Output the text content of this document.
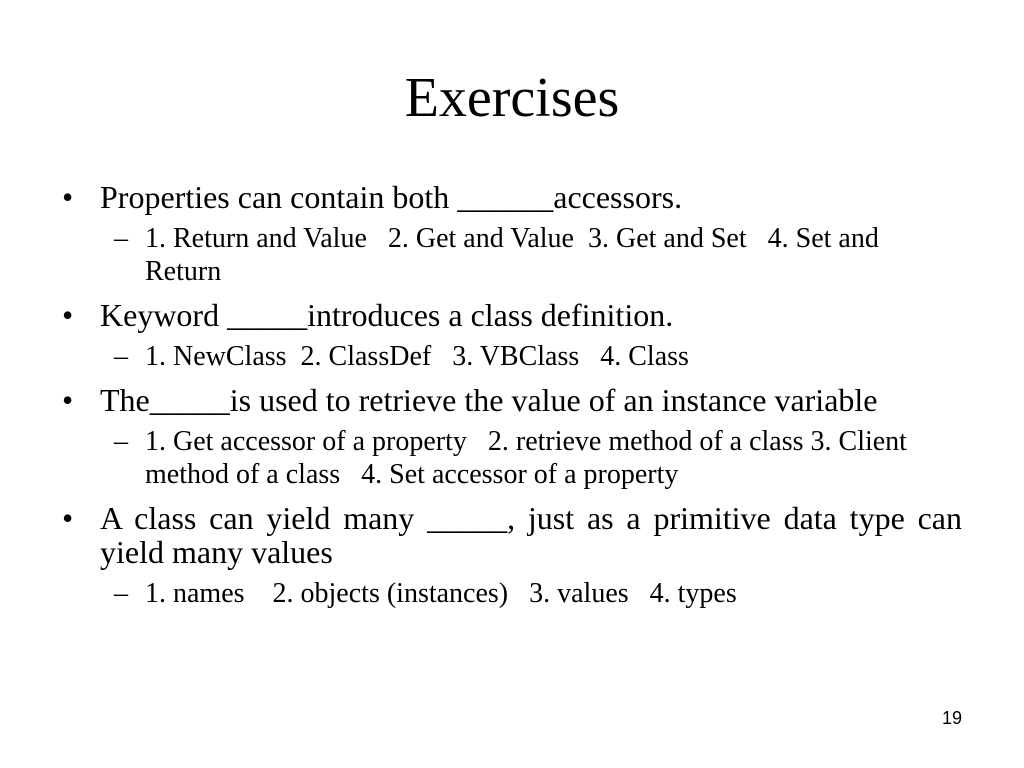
Exercises
• Properties can contain both ______accessors.
– 1. Return and Value   2. Get and Value  3. Get and Set   4. Set and Return
• Keyword _____introduces a class definition.
– 1. NewClass  2. ClassDef   3. VBClass   4. Class
• The_____is used to retrieve the value of an instance variable
– 1. Get accessor of a property   2. retrieve method of a class 3. Client method of a class   4. Set accessor of a property
• A class can yield many _____, just as a primitive data type can yield many values
– 1. names    2. objects (instances)   3. values   4. types
19
